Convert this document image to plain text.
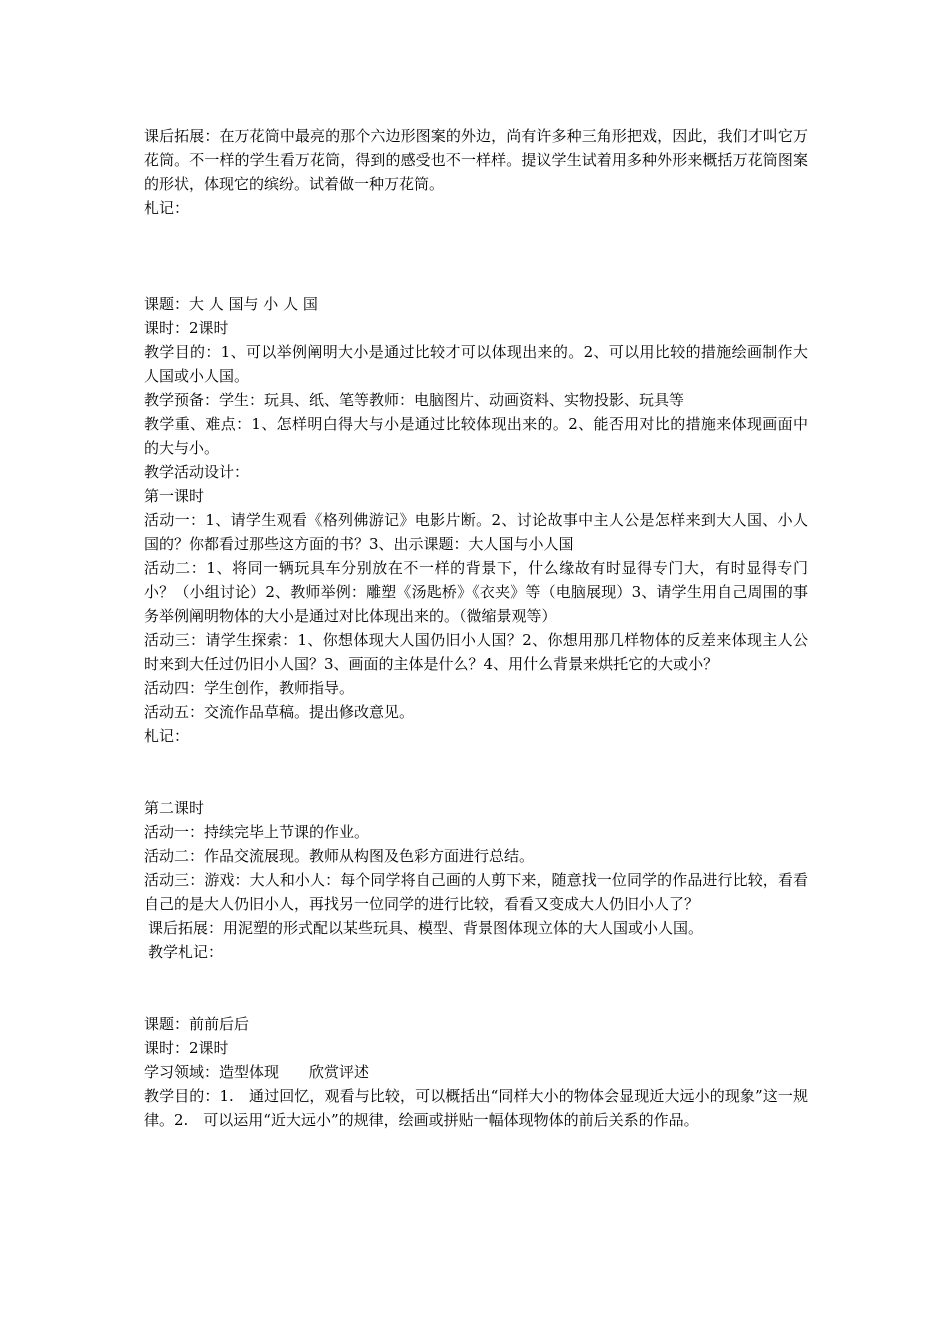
课后拓展：在万花筒中最亮的那个六边形图案的外边，尚有许多种三角形把戏，因此，我们才叫它万花筒。不一样的学生看万花筒，得到的感受也不一样样。提议学生试着用多种外形来概括万花筒图案的形状，体现它的缤纷。试着做一种万花筒。

札记：

课题：大 人 国与 小 人 国

课时：2课时

教学目的：1、可以举例阐明大小是通过比较才可以体现出来的。2、可以用比较的措施绘画制作大人国或小人国。

教学预备：学生：玩具、纸、笔等教师：电脑图片、动画资料、实物投影、玩具等

教学重、难点：1、怎样明白得大与小是通过比较体现出来的。2、能否用对比的措施来体现画面中的大与小。

教学活动设计：

第一课时

活动一：1、请学生观看《格列佛游记》电影片断。2、讨论故事中主人公是怎样来到大人国、小人国的？你都看过那些这方面的书？3、出示课题：大人国与小人国

活动二：1、将同一辆玩具车分别放在不一样的背景下，什么缘故有时显得专门大，有时显得专门小？（小组讨论）2、教师举例：雕塑《汤匙桥》《衣夹》等（电脑展现）3、请学生用自己周围的事务举例阐明物体的大小是通过对比体现出来的。（微缩景观等）

活动三：请学生探索：1、你想体现大人国仍旧小人国？2、你想用那几样物体的反差来体现主人公时来到大任过仍旧小人国？3、画面的主体是什么？4、用什么背景来烘托它的大或小？

活动四：学生创作，教师指导。

活动五：交流作品草稿。提出修改意见。

札记：

第二课时

活动一：持续完毕上节课的作业。

活动二：作品交流展现。教师从构图及色彩方面进行总结。

活动三：游戏：大人和小人：每个同学将自己画的人剪下来，随意找一位同学的作品进行比较，看看自己的是大人仍旧小人，再找另一位同学的进行比较，看看又变成大人仍旧小人了？

课后拓展：用泥塑的形式配以某些玩具、模型、背景图体现立体的大人国或小人国。

教学札记：

课题：前前后后

课时：2课时

学习领域：造型体现　　欣赏评述

教学目的：1.　通过回忆，观看与比较，可以概括出“同样大小的物体会显现近大远小的现象”这一规律。2.　可以运用“近大远小”的规律，绘画或拼贴一幅体现物体的前后关系的作品。
